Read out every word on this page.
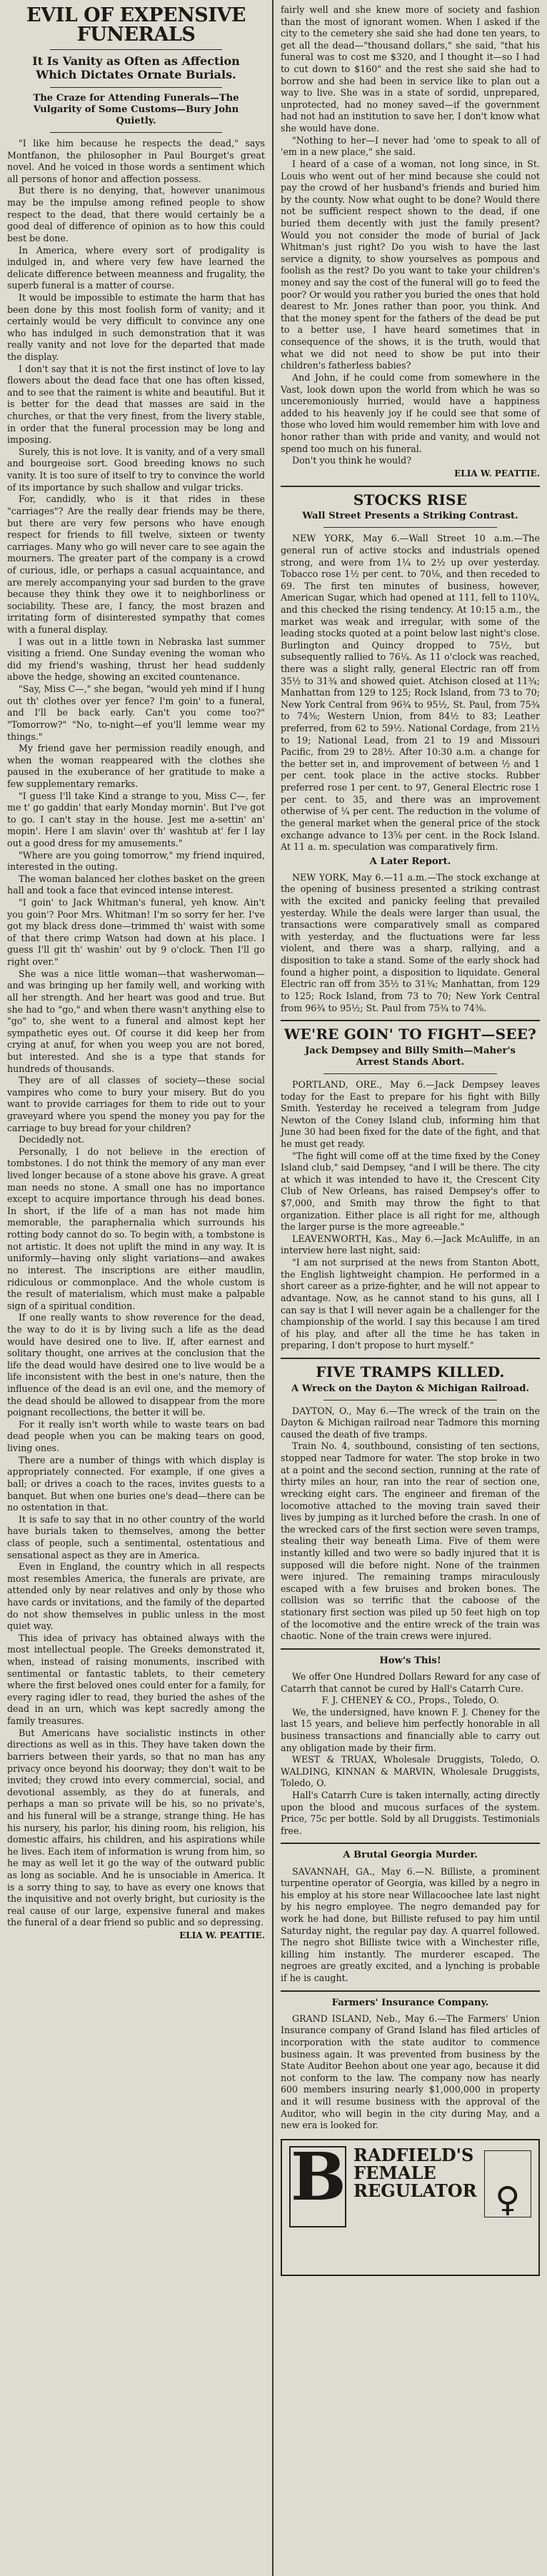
EVIL OF EXPENSIVE FUNERALS
It Is Vanity as Often as Affection Which Dictates Ornate Burials.
The Craze for Attending Funerals—The Vulgarity of Some Customs—Bury John Quietly.

"I like him because he respects the dead," says Montfanon, the philosopher in Paul Bourget's great novel. And he voiced in those words a sentiment which all persons of honor and affection possess.

But there is no denying, that, however unanimous may be the impulse among refined people to show respect to the dead, that there would certainly be a good deal of difference of opinion as to how this could best be done.

In America, where every sort of prodigality is indulged in, and where very few have learned the delicate difference between meanness and frugality, the superb funeral is a matter of course.

It would be impossible to estimate the harm that has been done by this most foolish form of vanity; and it certainly would be very difficult to convince any one who has indulged in such demonstration that it was really vanity and not love for the departed that made the display.

I don't say that it is not the first instinct of love to lay flowers about the dead face that one has often kissed, and to see that the raiment is white and beautiful. But it is better for the dead that masses are said in the churches, or that the very finest, from the livery stable, in order that the funeral procession may be long and imposing.

Surely, this is not love. It is vanity, and of a very small and bourgeoise sort. Good breeding knows no such vanity. It is too sure of itself to try to convince the world of its importance by such shallow and vulgar tricks.

For, candidly, who is it that rides in these "carriages"? Are the really dear friends may be there, but there are very few persons who have enough respect for friends to fill twelve, sixteen or twenty carriages. Many who go will never care to see again the mourners. The greater part of the company is a crowd of curious, idle, or perhaps a casual acquaintance, and are merely accompanying your sad burden to the grave because they think they owe it to neighborliness or sociability. These are, I fancy, the most brazen and irritating form of disinterested sympathy that comes with a funeral display.

I was out in a little town in Nebraska last summer visiting a friend. One Sunday evening the woman who did my friend's washing, thrust her head suddenly above the hedge, showing an excited countenance.

"Say, Miss C—," she began, "would yeh mind if I hung out th' clothes over yer fence? I'm goin' to a funeral, and I'll be back early. Can't you come too?" "Tomorrow?" "No, to-night—ef you'll lemme wear my things."

My friend gave her permission readily enough, and when the woman reappeared with the clothes she paused in the exuberance of her gratitude to make a few supplementary remarks.

"I guess I'll take Kind a strange to you, Miss C—, fer me t' go gaddin' that early Monday mornin'. But I've got to go. I can't stay in the house. Jest me a-settin' an' mopin'. Here I am slavin' over th' washtub at' fer I lay out a good dress for my amusements."

"Where are you going tomorrow," my friend inquired, interested in the outing.

The woman balanced her clothes basket on the green hall and took a face that evinced intense interest.

"I goin' to Jack Whitman's funeral, yeh know. Ain't you goin'? Poor Mrs. Whitman! I'm so sorry fer her. I've got my black dress done—trimmed th' waist with some of that there crimp Watson had down at his place. I guess I'll git th' washin' out by 9 o'clock. Then I'll go right over."

She was a nice little woman—that washerwoman—and was bringing up her family well, and working with all her strength. And her heart was good and true. But she had to "go," and when there wasn't anything else to "go" to, she went to a funeral and almost kept her sympathetic eyes out. Of course it did keep her from crying at anuf, for when you weep you are not bored, but interested. And she is a type that stands for hundreds of thousands.

They are of all classes of society—these social vampires who come to bury your misery. But do you want to provide carriages for them to ride out to your graveyard where you spend the money you pay for the carriage to buy bread for your children?

Decidedly not.

Personally, I do not believe in the erection of tombstones. I do not think the memory of any man ever lived longer because of a stone above his grave. A great man needs no stone. A small one has no importance except to acquire importance through his dead bones. In short, if the life of a man has not made him memorable, the paraphernalia which surrounds his rotting body cannot do so. To begin with, a tombstone is not artistic. It does not uplift the mind in any way. It is uniformly—having only slight variations—and awakes no interest. The inscriptions are either maudlin, ridiculous or commonplace. And the whole custom is the result of materialism, which must make a palpable sign of a spiritual condition.

If one really wants to show reverence for the dead, the way to do it is by living such a life as the dead would have desired one to live. If, after earnest and solitary thought, one arrives at the conclusion that the life the dead would have desired one to live would be a life inconsistent with the best in one's nature, then the influence of the dead is an evil one, and the memory of the dead should be allowed to disappear from the more poignant recollections, the better it will be.

For it really isn't worth while to waste tears on bad dead people when you can be making tears on good, living ones.

There are a number of things with which display is appropriately connected. For example, if one gives a ball; or drives a coach to the races, invites guests to a banquet. But when one buries one's dead—there can be no ostentation in that.

It is safe to say that in no other country of the world have burials taken to themselves, among the better class of people, such a sentimental, ostentatious and sensational aspect as they are in America.

Even in England, the country which in all respects most resembles America, the funerals are private, are attended only by near relatives and only by those who have cards or invitations, and the family of the departed do not show themselves in public unless in the most quiet way.

This idea of privacy has obtained always with the most intellectual people. The Greeks demonstrated it, when, instead of raising monuments, inscribed with sentimental or fantastic tablets, to their cemetery where the first beloved ones could enter for a family, for every raging idler to read, they buried the ashes of the dead in an urn, which was kept sacredly among the family treasures.

But Americans have socialistic instincts in other directions as well as in this. They have taken down the barriers between their yards, so that no man has any privacy once beyond his doorway; they don't wait to be invited; they crowd into every commercial, social, and devotional assembly, as they do at funerals, and perhaps a man so private will be his, so no private's, and his funeral will be a strange, strange thing. He has his nursery, his parlor, his dining room, his religion, his domestic affairs, his children, and his aspirations while he lives. Each item of information is wrung from him, so he may as well let it go the way of the outward public as long as sociable. And he is unsociable in America. It is a sorry thing to say, to have as every one knows that the inquisitive and not overly bright, but curiosity is the real cause of our large, expensive funeral and makes the funeral of a dear friend so public and so depressing.

ELIA W. PEATTIE.

fairly well and she knew more of society and fashion than the most of ignorant women. When I asked if the city to the cemetery she said she had done ten years, to get all the dead—"thousand dollars," she said, "that his funeral was to cost me $320, and I thought it—so I had to cut down to $160" and the rest she said she had to borrow and she had been in service like to plan out a way to live. She was in a state of sordid, unprepared, unprotected, had no money saved—if the government had not had an institution to save her, I don't know what she would have done.

"Nothing to her—I never had 'ome to speak to all of 'em in a new place," she said.

I heard of a case of a woman, not long since, in St. Louis who went out of her mind because she could not pay the crowd of her husband's friends and buried him by the county. Now what ought to be done? Would there not be sufficient respect shown to the dead, if one buried them decently with just the family present? Would you not consider the mode of burial of Jack Whitman's just right? Do you wish to have the last service a dignity, to show yourselves as pompous and foolish as the rest? Do you want to take your children's money and say the cost of the funeral will go to feed the poor? Or would you rather you buried the ones that hold dearest to Mr. Jones rather than poor, you think. And that the money spent for the fathers of the dead be put to a better use, I have heard sometimes that in consequence of the shows, it is the truth, would that what we did not need to show be put into their children's fatherless babies?

And John, if he could come from somewhere in the Vast, look down upon the world from which he was so unceremoniously hurried, would have a happiness added to his heavenly joy if he could see that some of those who loved him would remember him with love and honor rather than with pride and vanity, and would not spend too much on his funeral.

Don't you think he would?

ELIA W. PEATTIE.
STOCKS RISE
Wall Street Presents a Striking Contrast.

NEW YORK, May 6.—Wall Street 10 a.m.—The general run of active stocks and industrials opened strong, and were from 1¼ to 2½ up over yesterday. Tobacco rose 1½ per cent. to 70⅛, and then receded to 69. The first ten minutes of business, however, American Sugar, which had opened at 111, fell to 110¼, and this checked the rising tendency. At 10:15 a.m., the market was weak and irregular, with some of the leading stocks quoted at a point below last night's close. Burlington and Quincy dropped to 75½, but subsequently rallied to 76¼. As 11 o'clock was reached, there was a slight rally, general Electric ran off from 35½ to 31¾ and showed quiet. Atchison closed at 11¾; Manhattan from 129 to 125; Rock Island, from 73 to 70; New York Central from 96¾ to 95½, St. Paul, from 75¾ to 74⅜; Western Union, from 84½ to 83; Leather preferred, from 62 to 59½. National Cordage, from 21½ to 19; National Lead, from 21 to 19 and Missouri Pacific, from 29 to 28½. After 10:30 a.m. a change for the better set in, and improvement of between ½ and 1 per cent. took place in the active stocks. Rubber preferred rose 1 per cent. to 97, General Electric rose 1 per cent. to 35, and there was an improvement otherwise of ¼ per cent. The reduction in the volume of the general market when the general price of the stock exchange advance to 13⅝ per cent. in the Rock Island. At 11 a. m. speculation was comparatively firm.

A Later Report.

NEW YORK, May 6.—11 a.m.—The stock exchange at the opening of business presented a striking contrast with the excited and panicky feeling that prevailed yesterday. While the deals were larger than usual, the transactions were comparatively small as compared with yesterday, and the fluctuations were far less violent, and there was a sharp, rallying, and a disposition to take a stand. Some of the early shock had found a higher point, a disposition to liquidate. General Electric ran off from 35½ to 31¾; Manhattan, from 129 to 125; Rock Island, from 73 to 70; New York Central from 96¾ to 95½; St. Paul from 75¾ to 74⅜.

WE'RE GOIN' TO FIGHT—SEE?
Jack Dempsey and Billy Smith—Maher's Arrest Stands Abort.

PORTLAND, ORE., May 6.—Jack Dempsey leaves today for the East to prepare for his fight with Billy Smith. Yesterday he received a telegram from Judge Newton of the Coney Island club, informing him that June 30 had been fixed for the date of the fight, and that he must get ready.

"The fight will come off at the time fixed by the Coney Island club," said Dempsey, "and I will be there. The city at which it was intended to have it, the Crescent City Club of New Orleans, has raised Dempsey's offer to $7,000, and Smith may throw the fight to that organization. Either place is all right for me, although the larger purse is the more agreeable."

LEAVENWORTH, Kas., May 6.—Jack McAuliffe, in an interview here last night, said:

"I am not surprised at the news from Stanton Abott, the English lightweight champion. He performed in a short career as a prize-fighter, and he will not appear to advantage. Now, as he cannot stand to his guns, all I can say is that I will never again be a challenger for the championship of the world. I say this because I am tired of his play, and after all the time he has taken in preparing, I don't propose to hurt myself."

FIVE TRAMPS KILLED.
A Wreck on the Dayton & Michigan Railroad.

DAYTON, O., May 6.—The wreck of the train on the Dayton & Michigan railroad near Tadmore this morning caused the death of five tramps.

Train No. 4, southbound, consisting of ten sections, stopped near Tadmore for water. The stop broke in two at a point and the second section, running at the rate of thirty miles an hour, ran into the rear of section one, wrecking eight cars. The engineer and fireman of the locomotive attached to the moving train saved their lives by jumping as it lurched before the crash. In one of the wrecked cars of the first section were seven tramps, stealing their way beneath Lima. Five of them were instantly killed and two were so badly injured that it is supposed will die before night. None of the trainmen were injured. The remaining tramps miraculously escaped with a few bruises and broken bones. The collision was so terrific that the caboose of the stationary first section was piled up 50 feet high on top of the locomotive and the entire wreck of the train was chaotic. None of the train crews were injured.

How's This!

We offer One Hundred Dollars Reward for any case of Catarrh that cannot be cured by Hall's Catarrh Cure.

F. J. CHENEY & CO., Props., Toledo, O.

We, the undersigned, have known F. J. Cheney for the last 15 years, and believe him perfectly honorable in all business transactions and financially able to carry out any obligation made by their firm.

WEST & TRUAX, Wholesale Druggists, Toledo, O. WALDING, KINNAN & MARVIN, Wholesale Druggists, Toledo, O.

Hall's Catarrh Cure is taken internally, acting directly upon the blood and mucous surfaces of the system. Price, 75c per bottle. Sold by all Druggists. Testimonials free.

A Brutal Georgia Murder.

SAVANNAH, GA., May 6.—N. Billiste, a prominent turpentine operator of Georgia, was killed by a negro in his employ at his store near Willacoochee late last night by his negro employee. The negro demanded pay for work he had done, but Billiste refused to pay him until Saturday night, the regular pay day. A quarrel followed. The negro shot Billiste twice with a Winchester rifle, killing him instantly. The murderer escaped. The negroes are greatly excited, and a lynching is probable if he is caught.

Farmers' Insurance Company.

GRAND ISLAND, Neb., May 6.—The Farmers' Union Insurance company of Grand Island has filed articles of incorporation with the state auditor to commence business again. It was prevented from business by the State Auditor Beehon about one year ago, because it did not conform to the law. The company now has nearly 600 members insuring nearly $1,000,000 in property and it will resume business with the approval of the Auditor, who will begin in the city during May, and a new era is looked for.

B RADFIELD'S FEMALE REGULATOR ♀
